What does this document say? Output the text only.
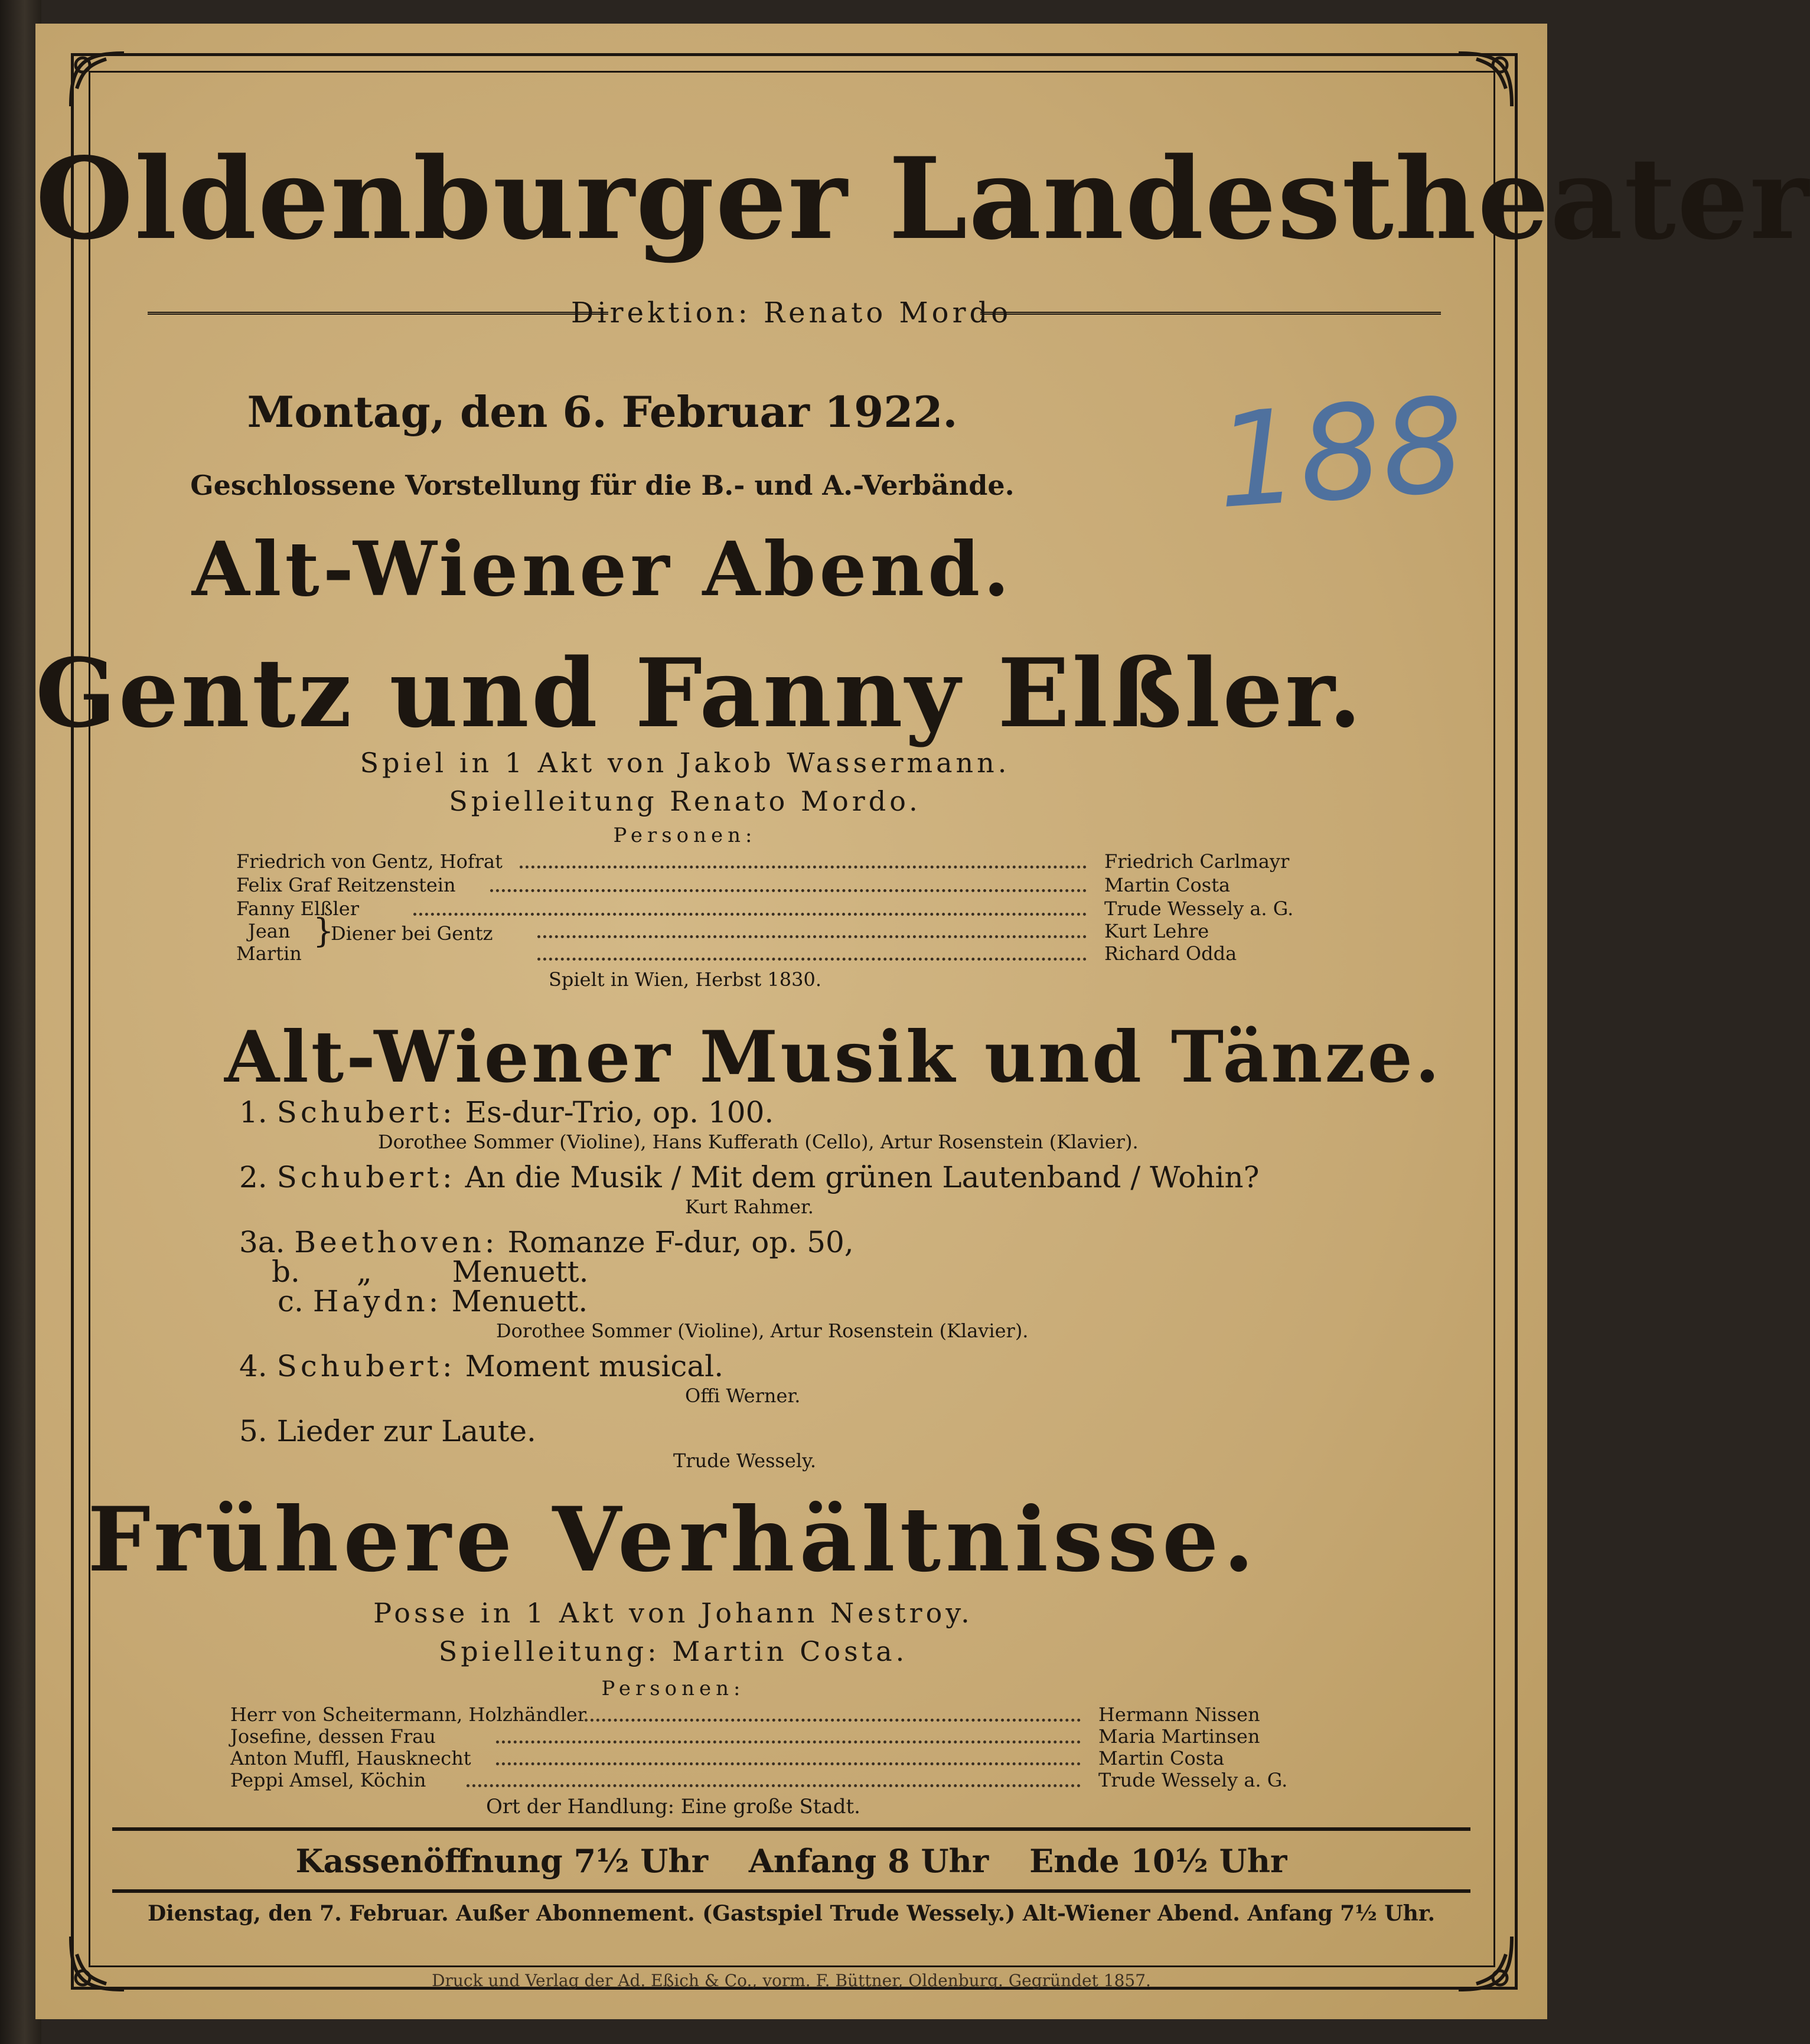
Oldenburger Landestheater
Direktion: Renato Mordo
188
Montag, den 6. Februar 1922.
Geschlossene Vorstellung für die B.- und A.-Verbände.
Alt-Wiener Abend.
Gentz und Fanny Elßler.
Spiel in 1 Akt von Jakob Wassermann.
Spielleitung Renato Mordo.
Personen:
Friedrich von Gentz, Hofrat	Friedrich Carlmayr
Felix Graf Reitzenstein	Martin Costa
Fanny Elßler	Trude Wessely a. G.
Jean	Kurt Lehre
Martin	Richard Odda
}
Diener bei Gentz
Spielt in Wien, Herbst 1830.
Alt-Wiener Musik und Tänze.
1. Schubert: Es-dur-Trio, op. 100.
Dorothee Sommer (Violine), Hans Kufferath (Cello), Artur Rosenstein (Klavier).
2. Schubert: An die Musik / Mit dem grünen Lautenband / Wohin?
Kurt Rahmer.
3a. Beethoven: Romanze F-dur, op. 50,
b. „	Menuett.
c. Haydn: Menuett.
Dorothee Sommer (Violine), Artur Rosenstein (Klavier).
4. Schubert: Moment musical.
Offi Werner.
5. Lieder zur Laute.
Trude Wessely.
Frühere Verhältnisse.
Posse in 1 Akt von Johann Nestroy.
Spielleitung: Martin Costa.
Personen:
Herr von Scheitermann, Holzhändler	Hermann Nissen
Josefine, dessen Frau	Maria Martinsen
Anton Muffl, Hausknecht	Martin Costa
Peppi Amsel, Köchin	Trude Wessely a. G.
Ort der Handlung: Eine große Stadt.
Kassenöffnung 7½ Uhr Anfang 8 Uhr Ende 10½ Uhr
Dienstag, den 7. Februar. Außer Abonnement. (Gastspiel Trude Wessely.) Alt-Wiener Abend. Anfang 7½ Uhr.
Druck und Verlag der Ad. Eßich & Co., vorm. F. Büttner, Oldenburg. Gegründet 1857.
